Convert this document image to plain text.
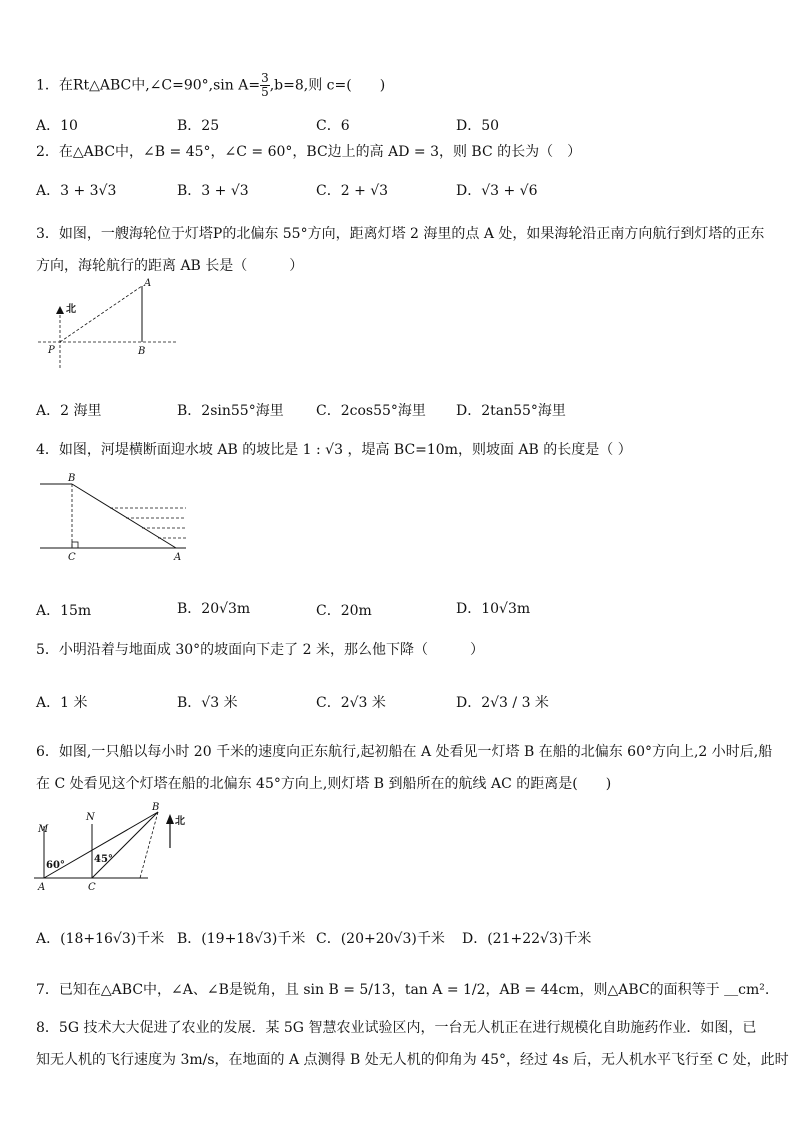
1．在Rt△ABC中,∠C=90°,sin $A= \frac{3}{5} ,b=8$,则 c=(　　)
A．10	B．25	C．6	D．50
2．在△ABC中，∠B = 45°，∠C = 60°，BC边上的高 AD = 3，则 BC 的长为（　）
A．3 + 3√3	B．3 + √3	C．2 + √3	D．√3 + √6
3．如图，一艘海轮位于灯塔P的北偏东 55°方向，距离灯塔 2 海里的点 A 处，如果海轮沿正南方向航行到灯塔的正东
方向，海轮航行的距离 AB 长是（　　　）
北
A
P	B
A．2 海里	B．2sin55°海里 C．2cos55°海里 D．2tan55°海里
4．如图，河堤横断面迎水坡 AB 的坡比是 1 : √3 ，堤高 BC=10m，则坡面 AB 的长度是（ ）
B
C	A
A．15m	B．20√3m	C．20m	D．10√3m
5．小明沿着与地面成 30°的坡面向下走了 2 米，那么他下降（　　　）
A．1 米	B．√3 米	C．2√3 米	D．2√3 / 3 米
6．如图,一只船以每小时 20 千米的速度向正东航行,起初船在 A 处看见一灯塔 B 在船的北偏东 60°方向上,2 小时后,船
在 C 处看见这个灯塔在船的北偏东 45°方向上,则灯塔 B 到船所在的航线 AC 的距离是(　　)
北
M
N
B
60°
45°
A	C
A．(18+16√3)千米 B．(19+18√3)千米 C．(20+20√3)千米 D．(21+22√3)千米
7．已知在△ABC中，∠A、∠B是锐角，且 sin B = 5/13，tan A = 1/2，AB = 44cm，则△ABC的面积等于 ＿cm².
8．5G 技术大大促进了农业的发展．某 5G 智慧农业试验区内，一台无人机正在进行规模化自助施药作业．如图，已
知无人机的飞行速度为 3m/s，在地面的 A 点测得 B 处无人机的仰角为 45°，经过 4s 后，无人机水平飞行至 C 处，此时
